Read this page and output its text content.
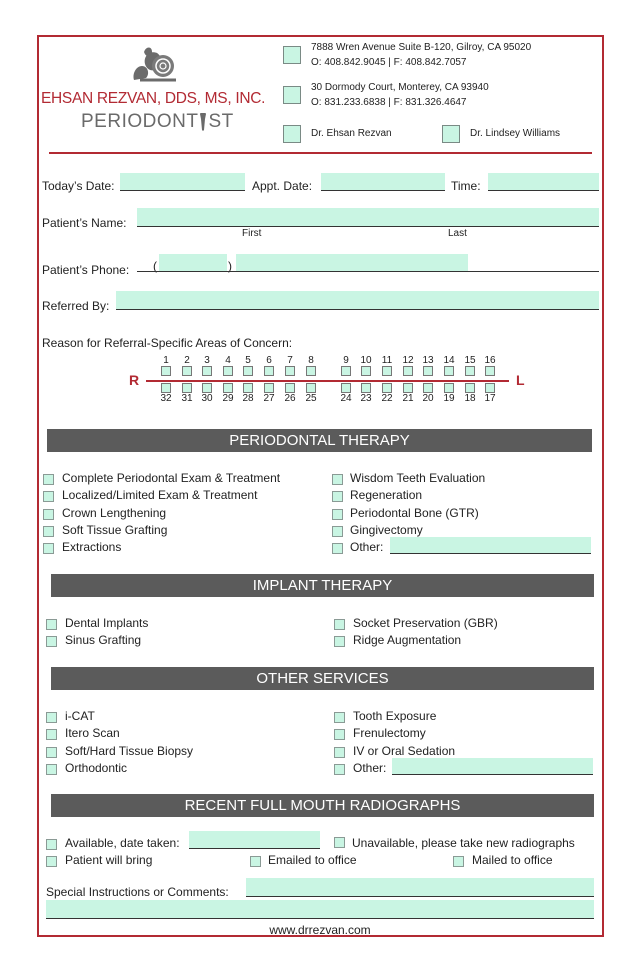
EHSAN REZVAN, DDS, MS, INC.
PERIODONT ST
7888 Wren Avenue Suite B-120, Gilroy, CA 95020
O: 408.842.9045 | F: 408.842.7057
30 Dormody Court, Monterey, CA 93940
O: 831.233.6838 | F: 831.326.4647
Dr. Ehsan Rezvan	Dr. Lindsey Williams
Today’s Date:	Appt. Date:	Time:
Patient’s Name:
First	Last
Patient’s Phone: (	)
Referred By:
Reason for Referral-Specific Areas of Concern:
R	L
1	2	3	4	5	6	7	8	9	10 11 12 13 14 15 16
32 31 30 29 28 27 26 25 24 23 22 21 20 19 18 17
PERIODONTAL THERAPY
Complete Periodontal Exam & Treatment
Localized/Limited Exam & Treatment
Crown Lengthening
Soft Tissue Grafting
Extractions
Wisdom Teeth Evaluation
Regeneration
Periodontal Bone (GTR)
Gingivectomy
Other:
IMPLANT THERAPY
Dental Implants
Sinus Grafting
Socket Preservation (GBR)
Ridge Augmentation
OTHER SERVICES
i-CAT
Itero Scan
Soft/Hard Tissue Biopsy
Orthodontic
Tooth Exposure
Frenulectomy
IV or Oral Sedation
Other:
RECENT FULL MOUTH RADIOGRAPHS
Available, date taken:	Unavailable, please take new radiographs
Patient will bring	Emailed to office	Mailed to office
Special Instructions or Comments:
www.drrezvan.com
